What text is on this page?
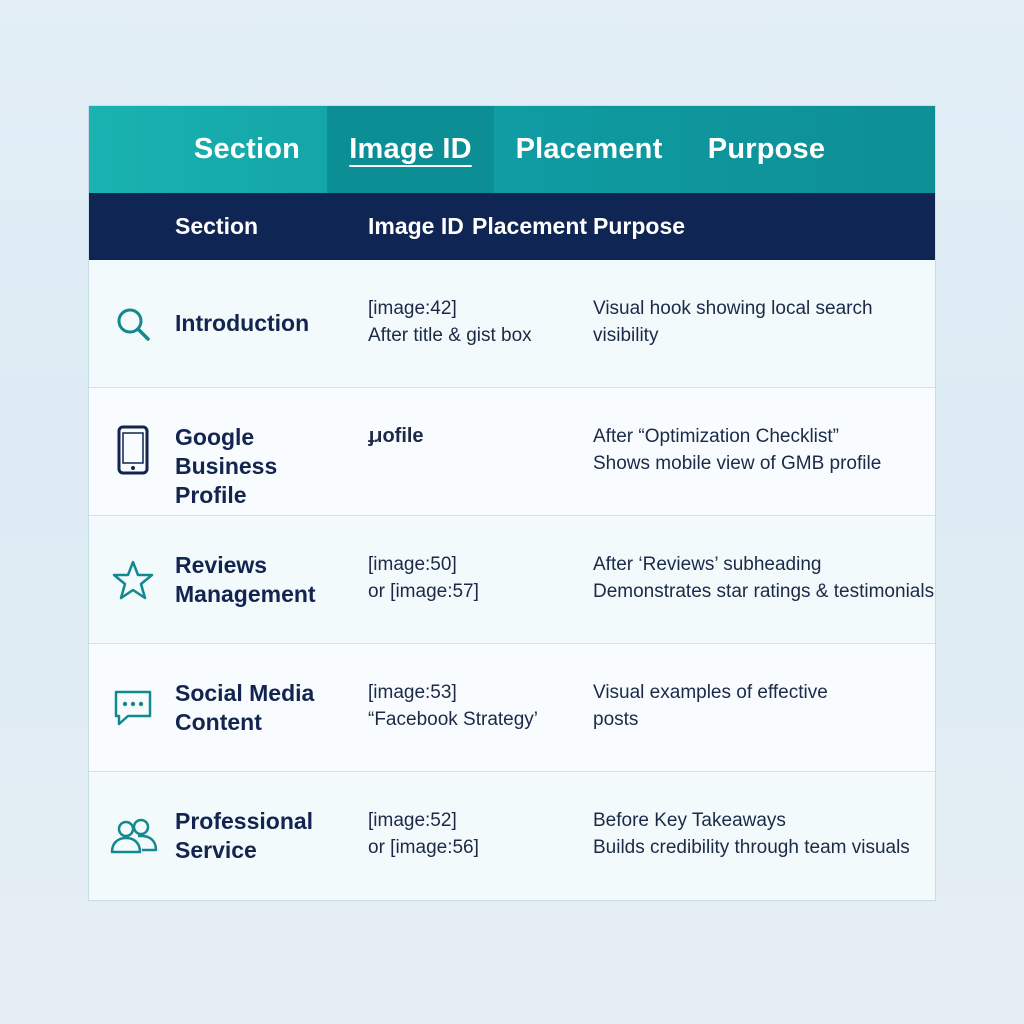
Section Image ID Placement Purpose
Section	Image ID Placement Purpose
Introduction
[image:42]
After title & gist box
Visual hook showing local search
visibility
Google Business
Profile
ɟɹofile	After “Optimization Checklist”
Shows mobile view of GMB profile
Reviews
Management
[image:50]
or [image:57]
After ‘Reviews’ subheading
Demonstrates star ratings & testimonials
Social Media
Content
[image:53]
“Facebook Strategy’
Visual examples of effective
posts
Professional
Service
[image:52]
or [image:56]
Before Key Takeaways
Builds credibility through team visuals
